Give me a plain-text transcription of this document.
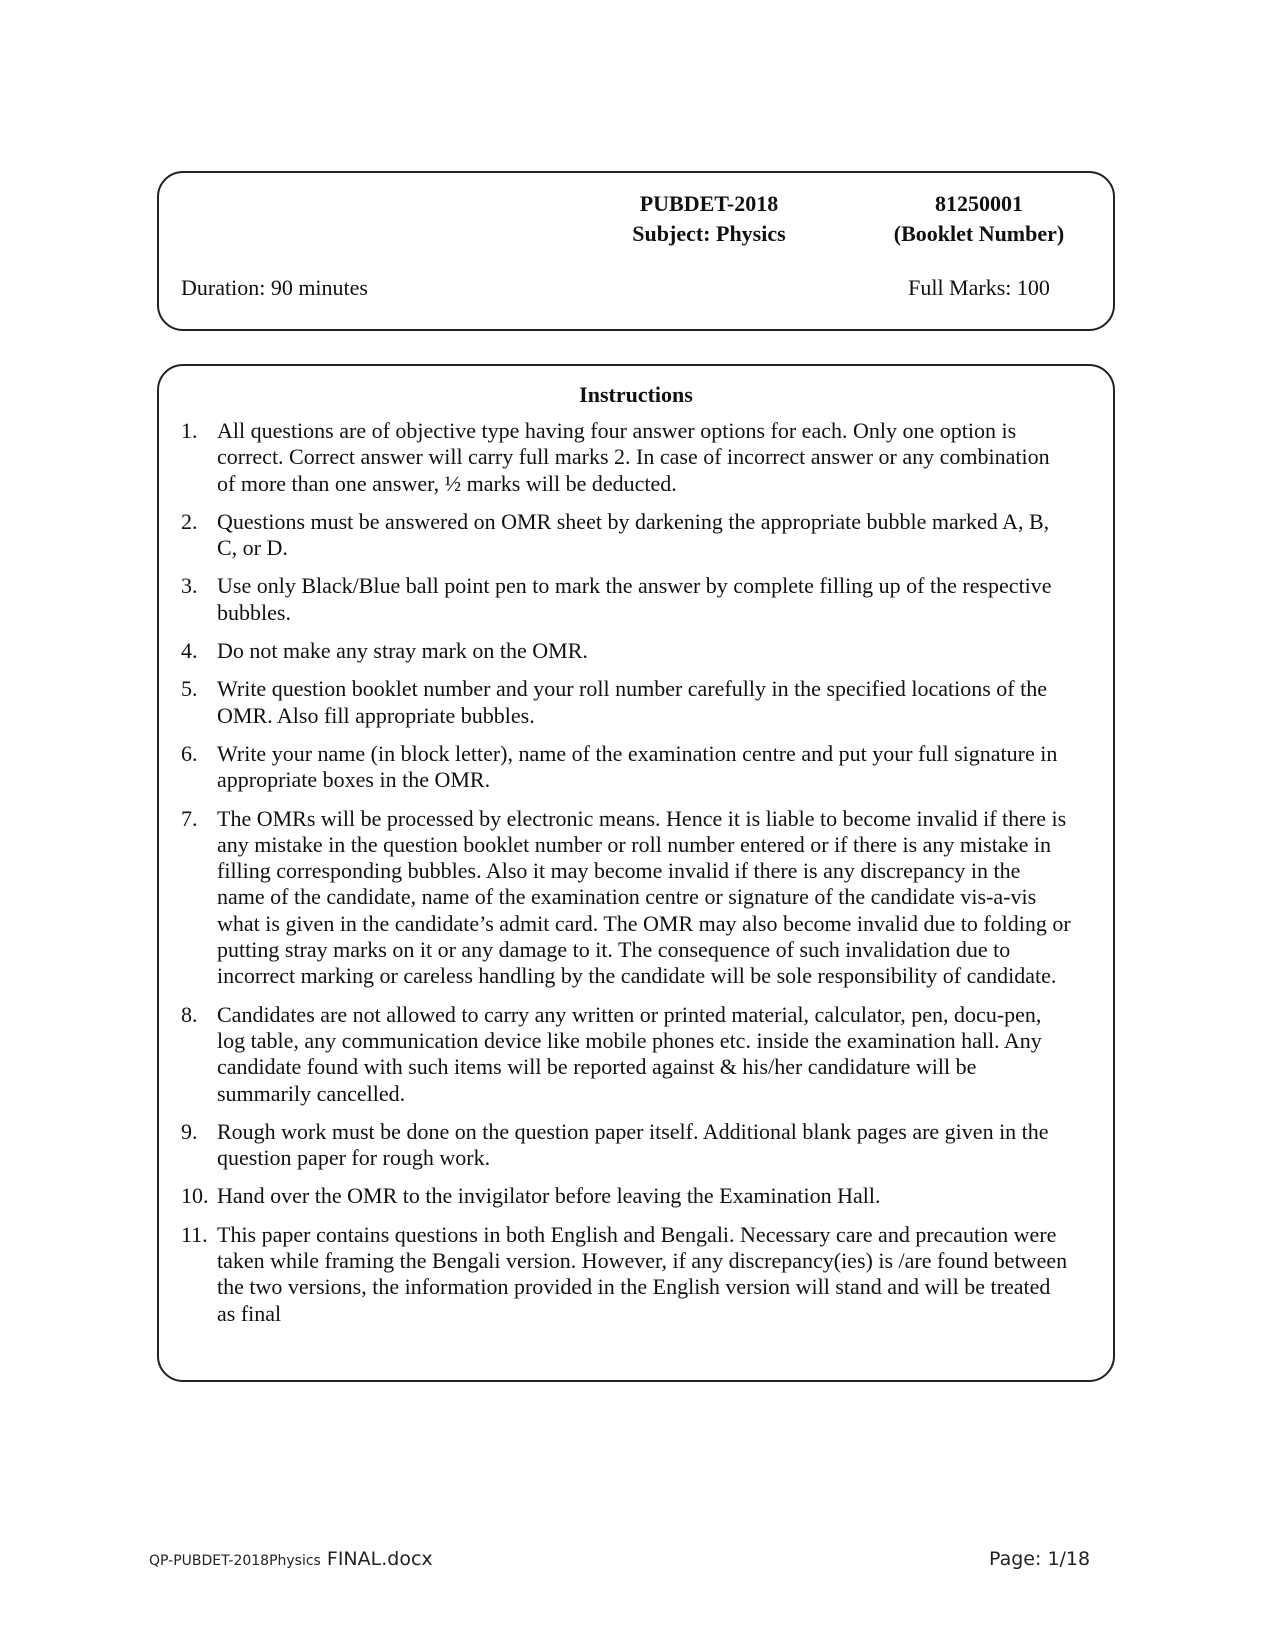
PUBDET-2018
Subject: Physics
81250001
(Booklet Number)
Duration: 90 minutes	Full Marks: 100
Instructions
1. All questions are of objective type having four answer options for each. Only one option is correct. Correct answer will carry full marks 2. In case of incorrect answer or any combination of more than one answer, ½ marks will be deducted.
2. Questions must be answered on OMR sheet by darkening the appropriate bubble marked A, B, C, or D.
3. Use only Black/Blue ball point pen to mark the answer by complete filling up of the respective bubbles.
4. Do not make any stray mark on the OMR.
5. Write question booklet number and your roll number carefully in the specified locations of the OMR. Also fill appropriate bubbles.
6. Write your name (in block letter), name of the examination centre and put your full signature in appropriate boxes in the OMR.
7. The OMRs will be processed by electronic means. Hence it is liable to become invalid if there is any mistake in the question booklet number or roll number entered or if there is any mistake in filling corresponding bubbles. Also it may become invalid if there is any discrepancy in the name of the candidate, name of the examination centre or signature of the candidate vis-a-vis what is given in the candidate’s admit card. The OMR may also become invalid due to folding or putting stray marks on it or any damage to it. The consequence of such invalidation due to incorrect marking or careless handling by the candidate will be sole responsibility of candidate.
8. Candidates are not allowed to carry any written or printed material, calculator, pen, docu-pen, log table, any communication device like mobile phones etc. inside the examination hall. Any candidate found with such items will be reported against & his/her candidature will be summarily cancelled.
9. Rough work must be done on the question paper itself. Additional blank pages are given in the question paper for rough work.
10. Hand over the OMR to the invigilator before leaving the Examination Hall.
11. This paper contains questions in both English and Bengali. Necessary care and precaution were taken while framing the Bengali version. However, if any discrepancy(ies) is /are found between the two versions, the information provided in the English version will stand and will be treated as final
QP-PUBDET-2018Physics FINAL.docx	Page: 1/18
